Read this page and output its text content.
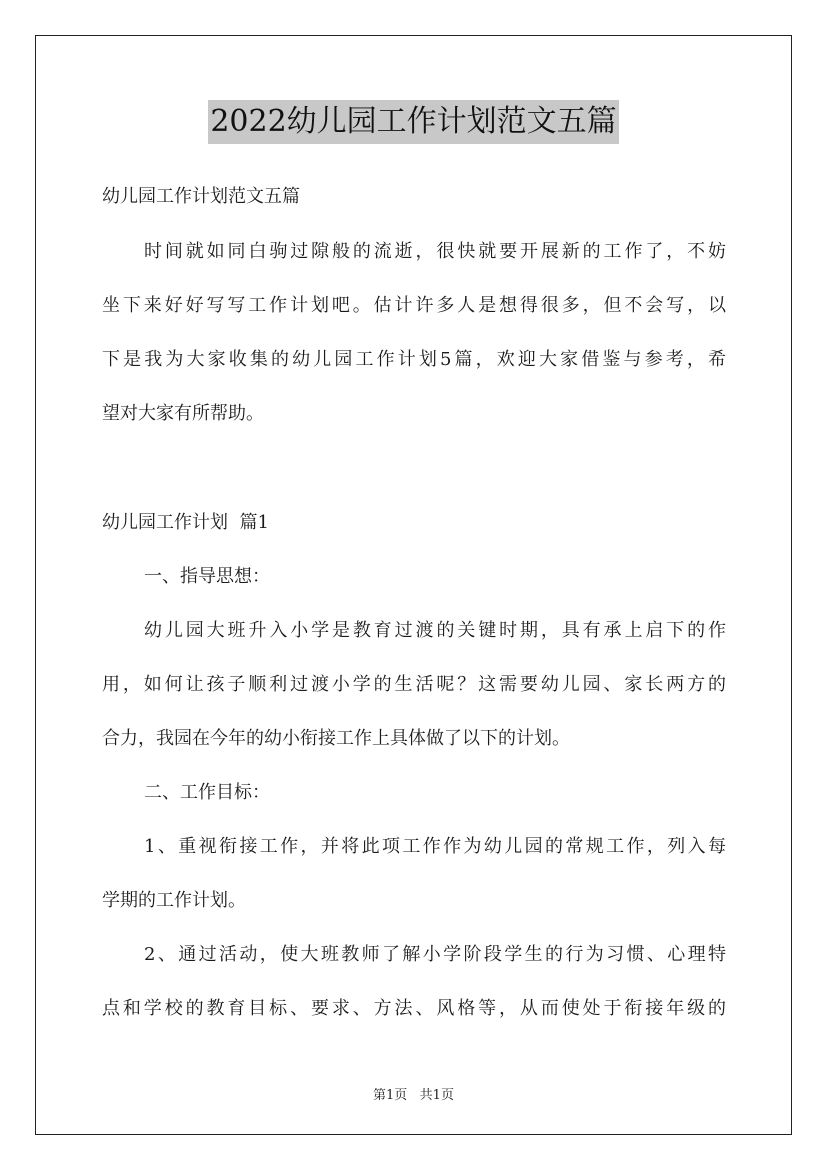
2022幼儿园工作计划范文五篇
幼儿园工作计划范文五篇
时间就如同白驹过隙般的流逝，很快就要开展新的工作了，不妨
坐下来好好写写工作计划吧。估计许多人是想得很多，但不会写，以
下是我为大家收集的幼儿园工作计划5篇，欢迎大家借鉴与参考，希
望对大家有所帮助。
幼儿园工作计划  篇1
一、指导思想：
幼儿园大班升入小学是教育过渡的关键时期，具有承上启下的作
用，如何让孩子顺利过渡小学的生活呢？这需要幼儿园、家长两方的
合力，我园在今年的幼小衔接工作上具体做了以下的计划。
二、工作目标：
1、重视衔接工作，并将此项工作作为幼儿园的常规工作，列入每
学期的工作计划。
2、通过活动，使大班教师了解小学阶段学生的行为习惯、心理特
点和学校的教育目标、要求、方法、风格等，从而使处于衔接年级的
第1页   共1页
